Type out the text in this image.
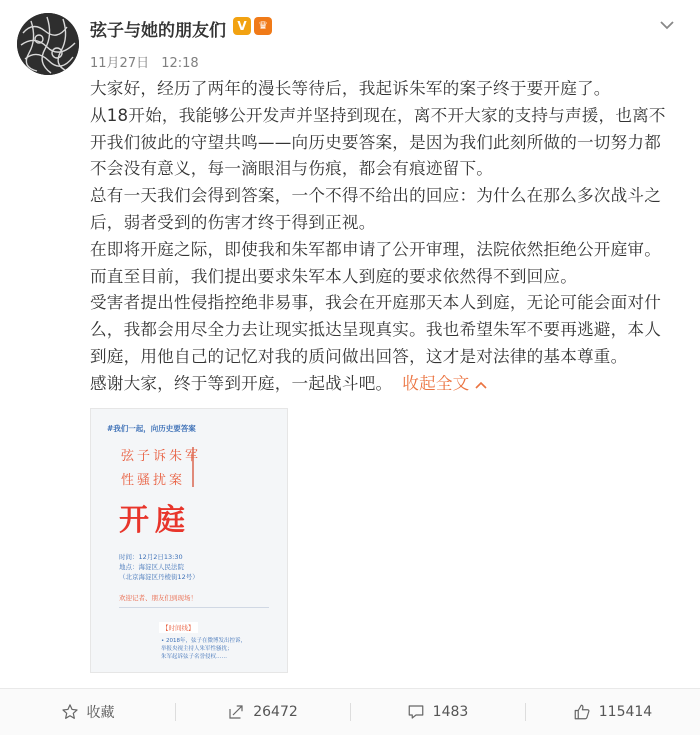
弦子与她的朋友们 V	♛
11月27日 12:18

大家好，经历了两年的漫长等待后，我起诉朱军的案子终于要开庭了。

从18开始，我能够公开发声并坚持到现在，离不开大家的支持与声援，也离不开我们彼此的守望共鸣——向历史要答案，是因为我们此刻所做的一切努力都不会没有意义，每一滴眼泪与伤痕，都会有痕迹留下。

总有一天我们会得到答案，一个不得不给出的回应：为什么在那么多次战斗之后，弱者受到的伤害才终于得到正视。

在即将开庭之际，即使我和朱军都申请了公开审理，法院依然拒绝公开庭审。而直至目前，我们提出要求朱军本人到庭的要求依然得不到回应。

受害者提出性侵指控绝非易事，我会在开庭那天本人到庭，无论可能会面对什么，我都会用尽全力去让现实抵达呈现真实。我也希望朱军不要再逃避，本人到庭，用他自己的记忆对我的质问做出回答，这才是对法律的基本尊重。

感谢大家，终于等到开庭，一起战斗吧。 收起全文

#我们一起，向历史要答案
弦子诉朱军
性骚扰案
开庭
时间：12月2日13:30
地点：海淀区人民法院
（北京海淀区丹棱街12号）
欢迎记者、朋友们到现场！
【时间线】
• 2018年，弦子在微博发出控诉，
举报央视主持人朱军性骚扰；
朱军起诉弦子名誉侵权……
收藏	26472	1483	115414
